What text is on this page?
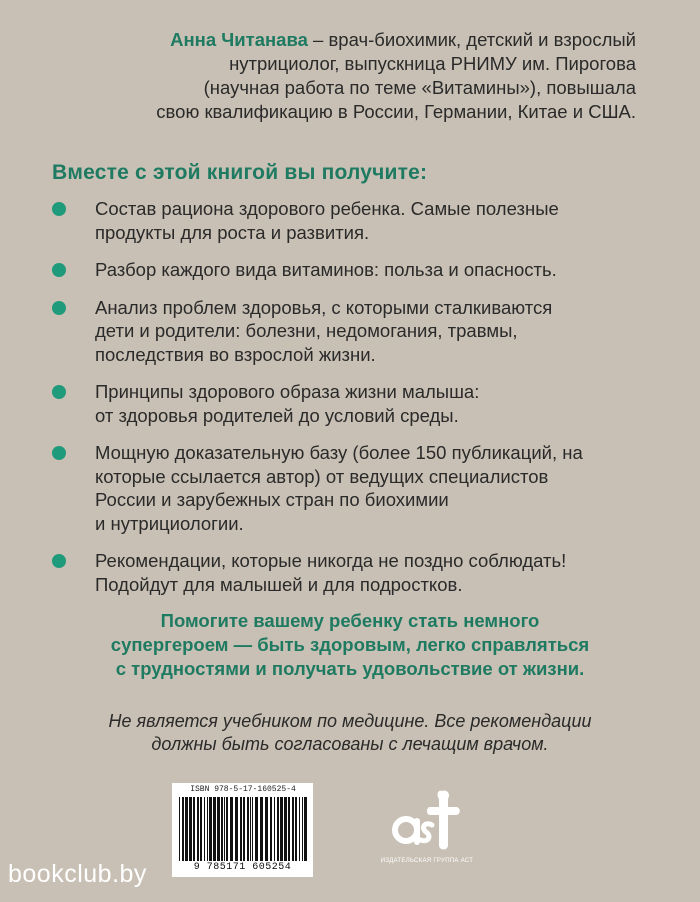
Анна Читанава – врач-биохимик, детский и взрослый
нутрициолог, выпускница РНИМУ им. Пирогова
(научная работа по теме «Витамины»), повышала
свою квалификацию в России, Германии, Китае и США.
Вместе с этой книгой вы получите:
Состав рациона здорового ребенка. Самые полезные
продукты для роста и развития.
Разбор каждого вида витаминов: польза и опасность.
Анализ проблем здоровья, с которыми сталкиваются
дети и родители: болезни, недомогания, травмы,
последствия во взрослой жизни.
Принципы здорового образа жизни малыша:
от здоровья родителей до условий среды.
Мощную доказательную базу (более 150 публикаций, на
которые ссылается автор) от ведущих специалистов
России и зарубежных стран по биохимии
и нутрициологии.
Рекомендации, которые никогда не поздно соблюдать!
Подойдут для малышей и для подростков.
Помогите вашему ребенку стать немного
супергероем — быть здоровым, легко справляться
с трудностями и получать удовольствие от жизни.
Не является учебником по медицине. Все рекомендации
должны быть согласованы с лечащим врачом.
ISBN 978-5-17-160525-4
9 785171 605254
ИЗДАТЕЛЬСКАЯ ГРУППА АСТ
bookclub.by
